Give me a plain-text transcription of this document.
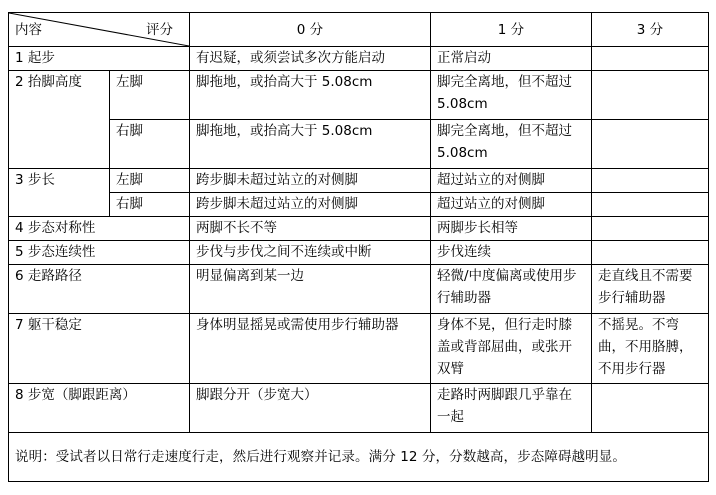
内容 评分		0 分	1 分	3 分
1 起步		有迟疑，或须尝试多次方能启动	正常启动	
2 抬脚高度	左脚	脚拖地，或抬高大于 5.08cm	脚完全离地，但不超过 5.08cm	
	右脚	脚拖地，或抬高大于 5.08cm	脚完全离地，但不超过 5.08cm	
3 步长	左脚	跨步脚未超过站立的对侧脚	超过站立的对侧脚	
	右脚	跨步脚未超过站立的对侧脚	超过站立的对侧脚	
4 步态对称性		两脚不长不等	两脚步长相等	
5 步态连续性		步伐与步伐之间不连续或中断	步伐连续	
6 走路路径		明显偏离到某一边	轻微/中度偏离或使用步行辅助器	走直线且不需要步行辅助器
7 躯干稳定		身体明显摇晃或需使用步行辅助器	身体不晃，但行走时膝盖或背部屈曲，或张开双臂	不摇晃。不弯曲，不用胳膊，不用步行器
8 步宽（脚跟距离）		脚跟分开（步宽大）	走路时两脚跟几乎靠在一起	
说明：受试者以日常行走速度行走，然后进行观察并记录。满分 12 分，分数越高，步态障碍越明显。				
